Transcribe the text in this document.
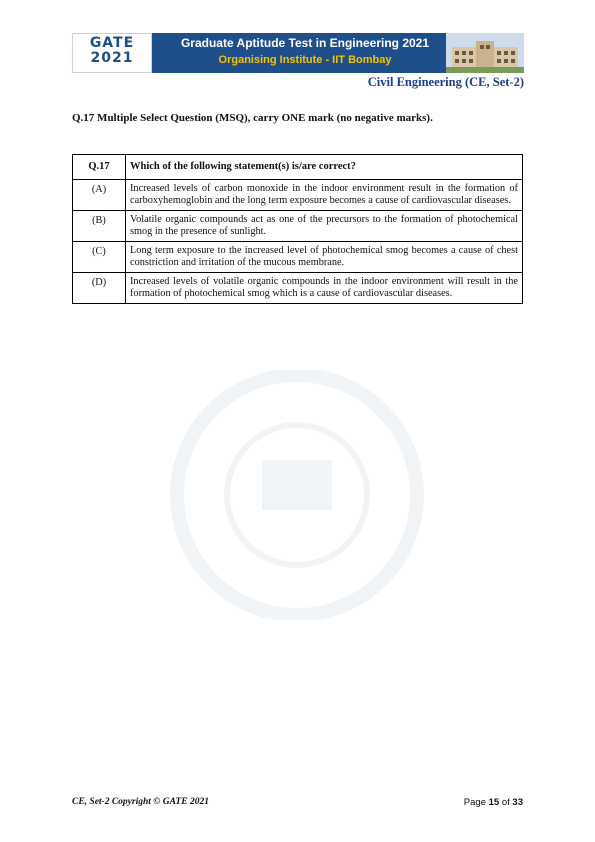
GATE
2021
Graduate Aptitude Test in Engineering 2021
Organising Institute - IIT Bombay
Civil Engineering (CE, Set-2)
Q.17 Multiple Select Question (MSQ), carry ONE mark (no negative marks).
Q.17	Which of the following statement(s) is/are correct?
(A)	Increased levels of carbon monoxide in the indoor environment result in the formation of carboxyhemoglobin and the long term exposure becomes a cause of cardiovascular diseases.
(B)	Volatile organic compounds act as one of the precursors to the formation of photochemical smog in the presence of sunlight.
(C)	Long term exposure to the increased level of photochemical smog becomes a cause of chest constriction and irritation of the mucous membrane.
(D)	Increased levels of volatile organic compounds in the indoor environment will result in the formation of photochemical smog which is a cause of cardiovascular diseases.
CE, Set-2 Copyright © GATE 2021	Page 15 of 33
